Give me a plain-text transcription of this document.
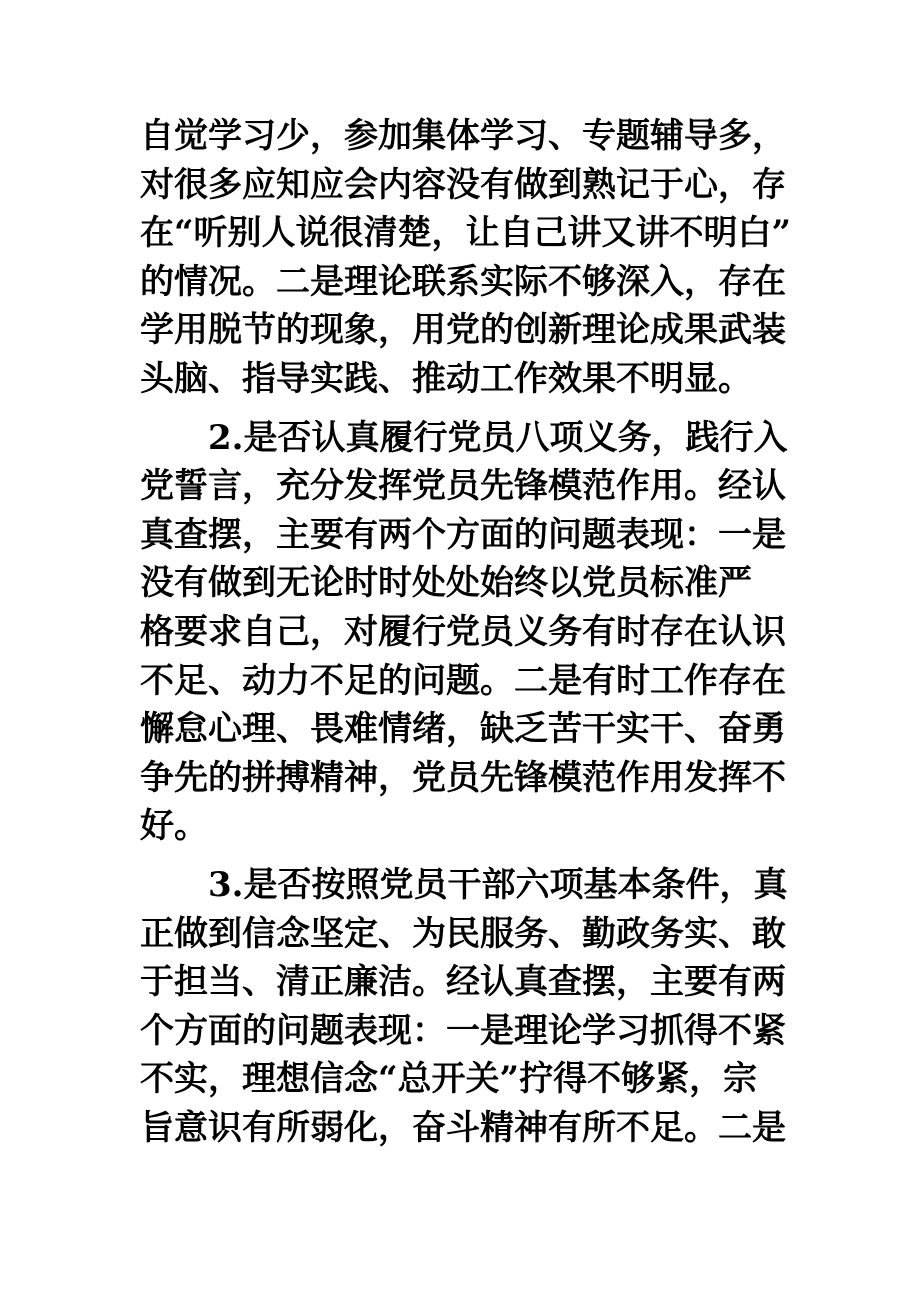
自觉学习少，参加集体学习、专题辅导多，
对很多应知应会内容没有做到熟记于心，存
在“听别人说很清楚，让自己讲又讲不明白”
的情况。二是理论联系实际不够深入，存在
学用脱节的现象，用党的创新理论成果武装
头脑、指导实践、推动工作效果不明显。
2.是否认真履行党员八项义务，践行入
党誓言，充分发挥党员先锋模范作用。经认
真查摆，主要有两个方面的问题表现：一是
没有做到无论时时处处始终以党员标准严
格要求自己，对履行党员义务有时存在认识
不足、动力不足的问题。二是有时工作存在
懈怠心理、畏难情绪，缺乏苦干实干、奋勇
争先的拼搏精神，党员先锋模范作用发挥不
好。
3.是否按照党员干部六项基本条件，真
正做到信念坚定、为民服务、勤政务实、敢
于担当、清正廉洁。经认真查摆，主要有两
个方面的问题表现：一是理论学习抓得不紧
不实，理想信念“总开关”拧得不够紧，宗
旨意识有所弱化，奋斗精神有所不足。二是
